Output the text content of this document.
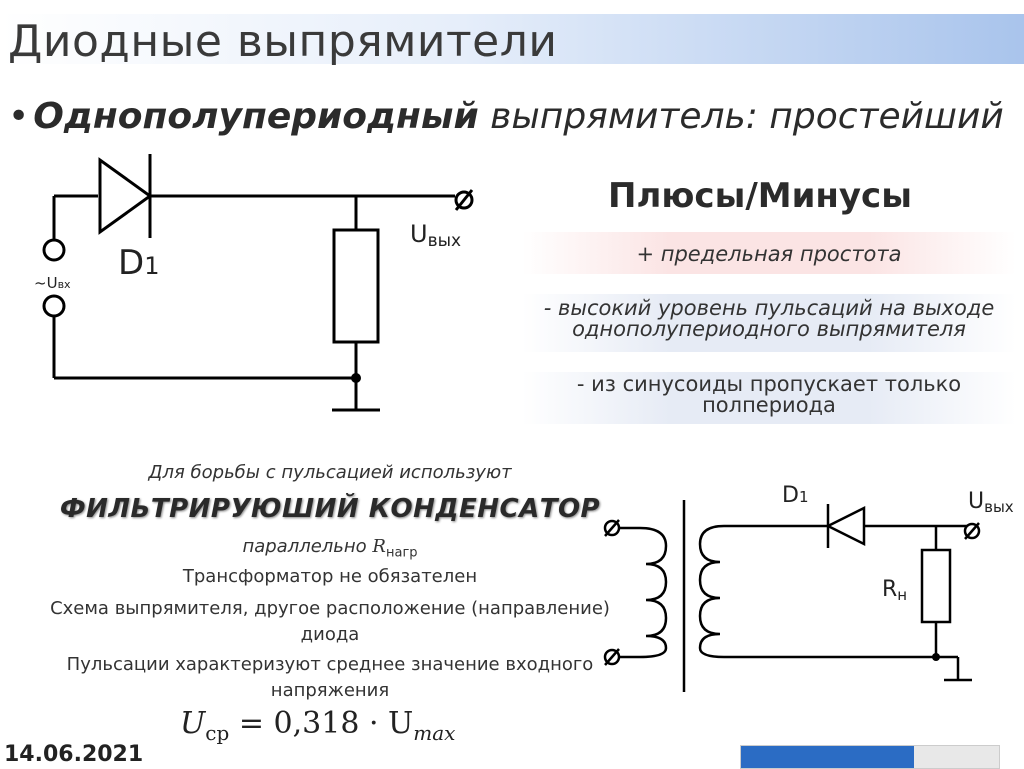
Диодные выпрямители
• Однополупериодный выпрямитель: простейший
D1
~Uвх
Uвых
Плюсы/Минусы
+ предельная простота
- высокий уровень пульсаций на выходе однополупериодного выпрямителя
- из синусоиды пропускает только полпериода
Для борьбы с пульсацией используют
ФИЛЬТРИРУЮШИЙ КОНДЕНСАТОР
параллельно $R_{нагр}$
Трансформатор не обязателен
Схема выпрямителя, другое расположение (направление) диода
Пульсации характеризуют среднее значение входного напряжения
$U_{ср} = 0,318 \cdot U_{max}$
D1	Uвых
Rн
14.06.2021
